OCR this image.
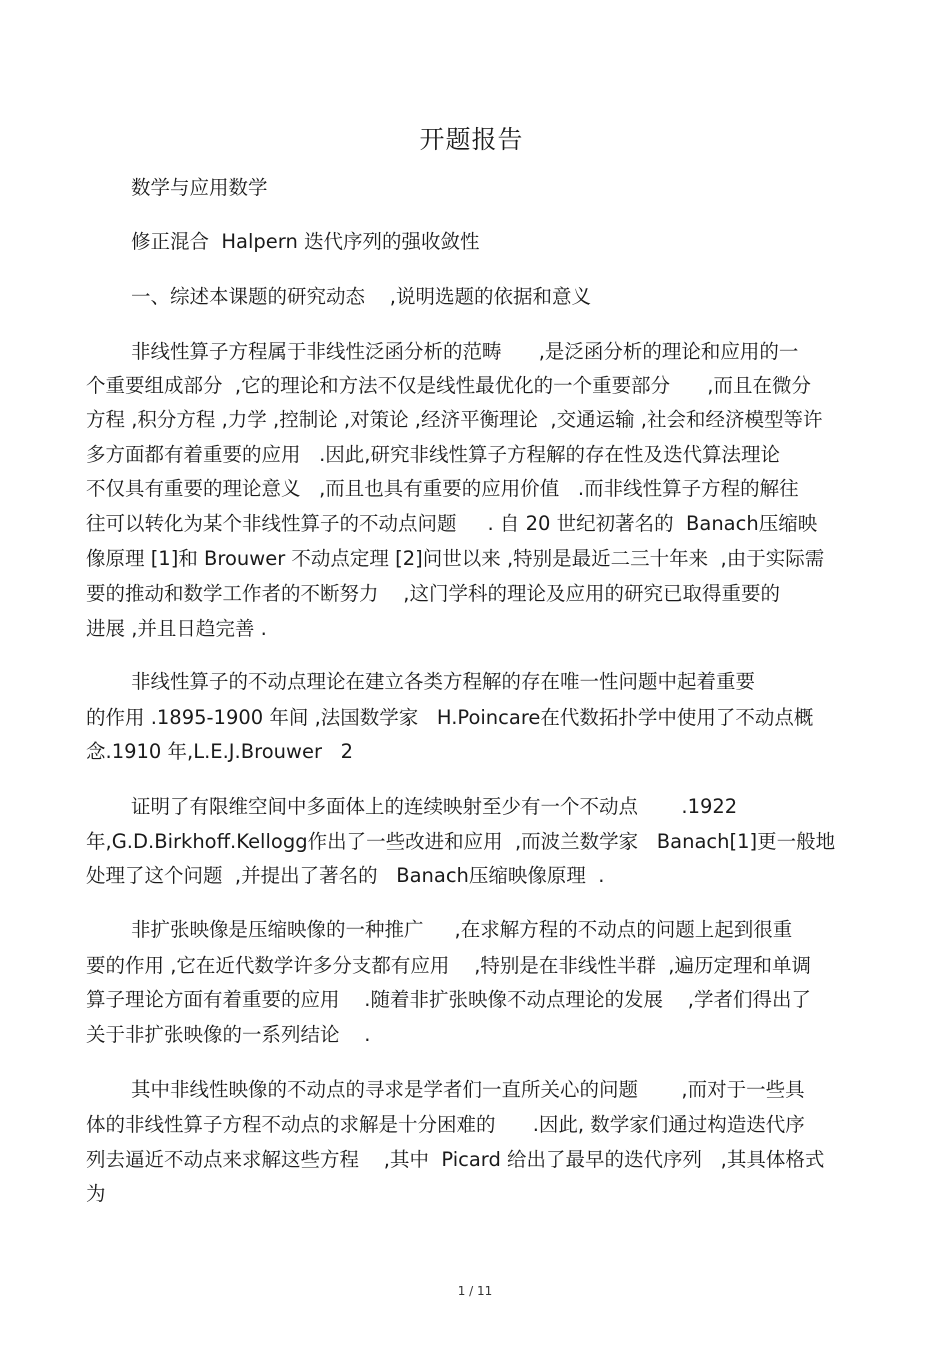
开题报告
数学与应用数学
修正混合  Halpern 迭代序列的强收敛性
一、综述本课题的研究动态    ,说明选题的依据和意义
非线性算子方程属于非线性泛函分析的范畴      ,是泛函分析的理论和应用的一
个重要组成部分  ,它的理论和方法不仅是线性最优化的一个重要部分      ,而且在微分
方程 ,积分方程 ,力学 ,控制论 ,对策论 ,经济平衡理论  ,交通运输 ,社会和经济模型等许
多方面都有着重要的应用   .因此,研究非线性算子方程解的存在性及迭代算法理论
不仅具有重要的理论意义   ,而且也具有重要的应用价值   .而非线性算子方程的解往
往可以转化为某个非线性算子的不动点问题     . 自 20 世纪初著名的  Banach压缩映
像原理 [1]和 Brouwer 不动点定理 [2]问世以来 ,特别是最近二三十年来  ,由于实际需
要的推动和数学工作者的不断努力    ,这门学科的理论及应用的研究已取得重要的
进展 ,并且日趋完善 .
非线性算子的不动点理论在建立各类方程解的存在唯一性问题中起着重要
的作用 .1895-1900 年间 ,法国数学家   H.Poincare在代数拓扑学中使用了不动点概
念.1910 年,L.E.J.Brouwer   2
证明了有限维空间中多面体上的连续映射至少有一个不动点       .1922
年,G.D.Birkhoff.Kellogg作出了一些改进和应用  ,而波兰数学家   Banach[1]更一般地
处理了这个问题  ,并提出了著名的   Banach压缩映像原理  .
非扩张映像是压缩映像的一种推广     ,在求解方程的不动点的问题上起到很重
要的作用 ,它在近代数学许多分支都有应用    ,特别是在非线性半群  ,遍历定理和单调
算子理论方面有着重要的应用    .随着非扩张映像不动点理论的发展    ,学者们得出了
关于非扩张映像的一系列结论    .
其中非线性映像的不动点的寻求是学者们一直所关心的问题       ,而对于一些具
体的非线性算子方程不动点的求解是十分困难的      .因此, 数学家们通过构造迭代序
列去逼近不动点来求解这些方程    ,其中  Picard 给出了最早的迭代序列   ,其具体格式
为
1 / 11
